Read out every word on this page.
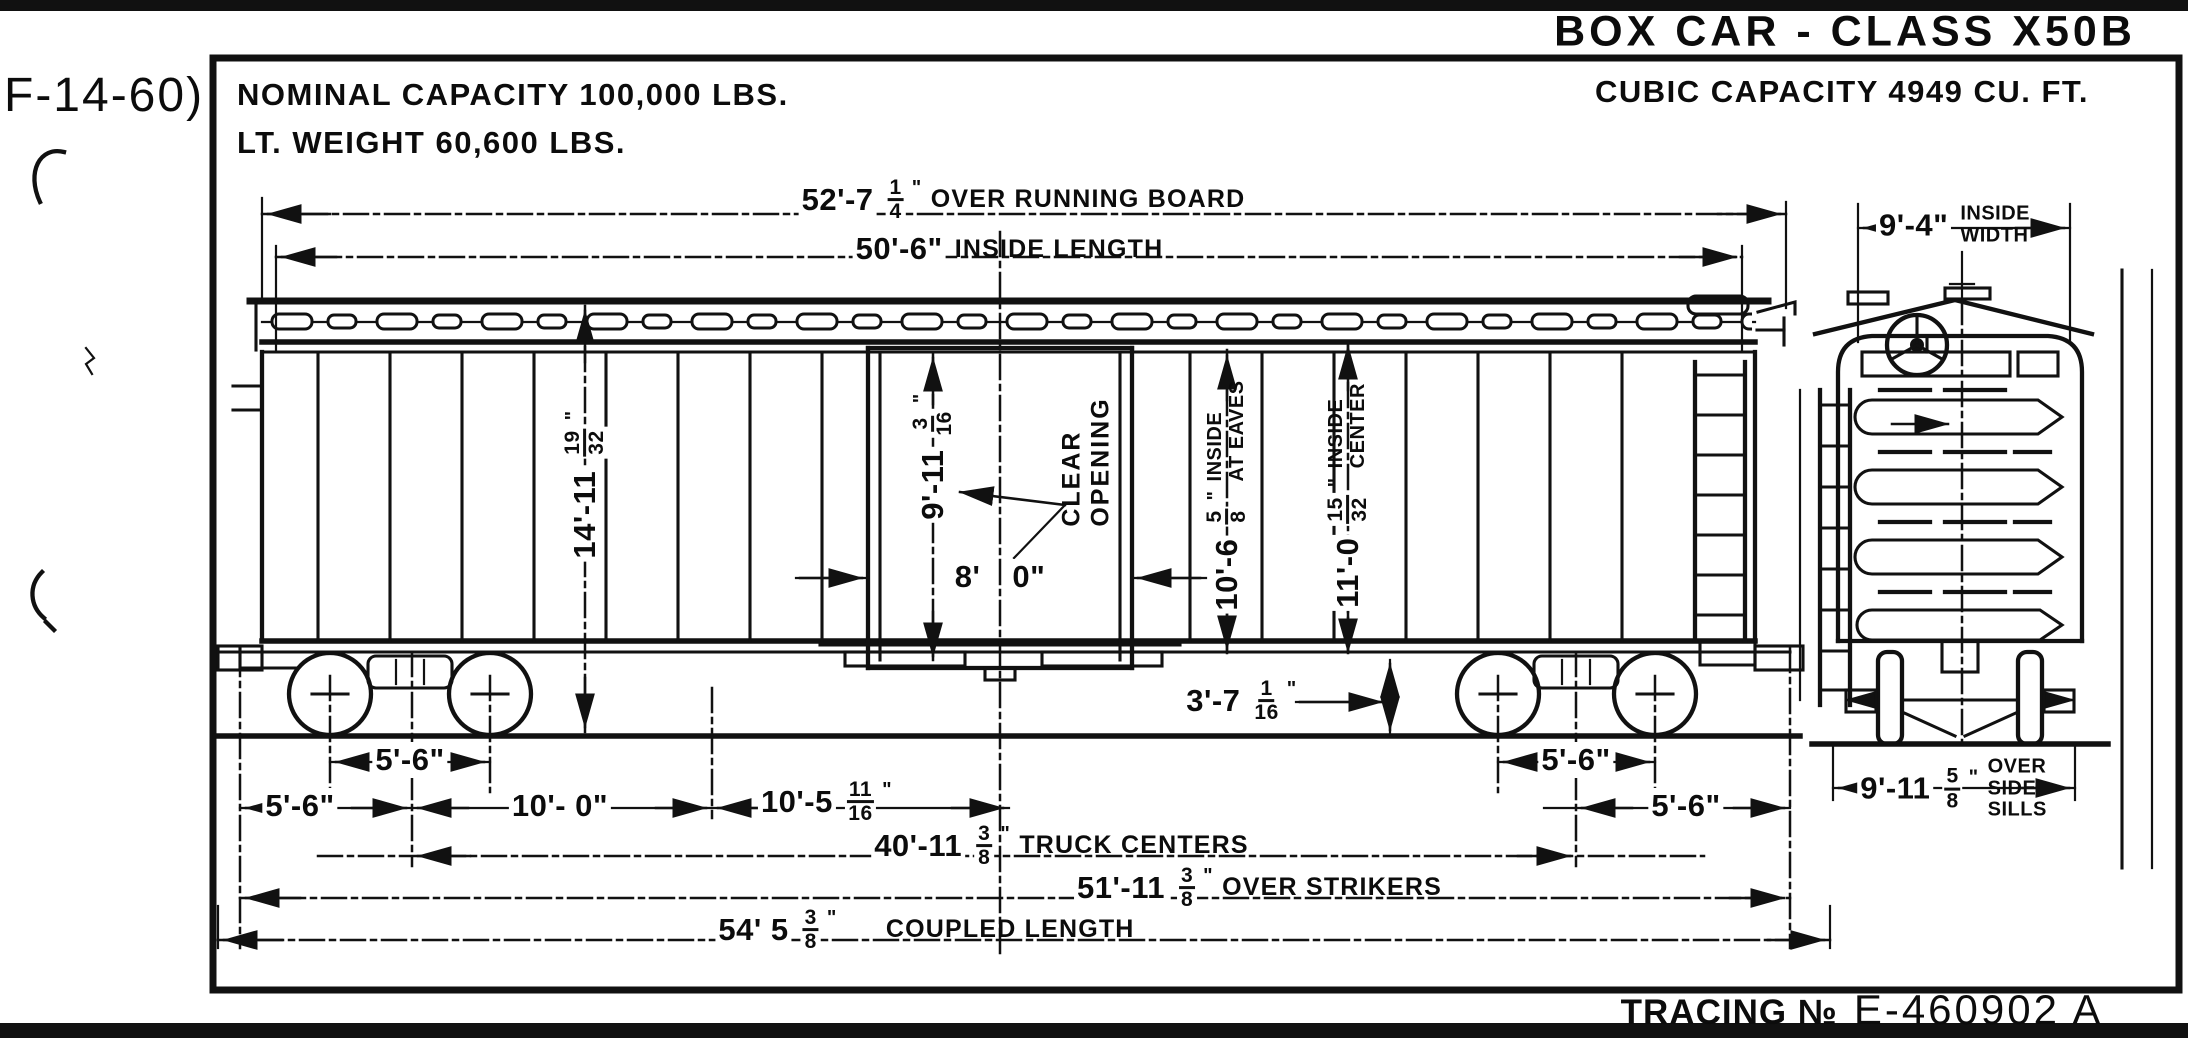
BOX CAR - CLASS X50B
F-14-60) NOMINAL CAPACITY 100,000 LBS.
LT. WEIGHT 60,600 LBS.
CUBIC CAPACITY 4949 CU. FT.
TRACING № E-460902 A
52'-7 1
4
" OVER RUNNING BOARD
50'-6" INSIDE LENGTH
9'-4" INSIDE
WIDTH
14'-11
19 32
"
9'-11
3 16
"
8' 0"
CLEAR OPENING
10'-6
5 8
"
INSIDE AT EAVES
11'-0
15 32
"
INSIDE CENTER
3'-7 1
16
"
5'-6"
5'-6"	10'- 0"	10'-5 11
16
"
5'-6"
5'-6"	9'-11 5
8
" OVER
SIDE
SILLS
40'-11 3
8
" TRUCK CENTERS
51'-11 3
8
" OVER STRIKERS
54' 5 3
8
" COUPLED LENGTH
